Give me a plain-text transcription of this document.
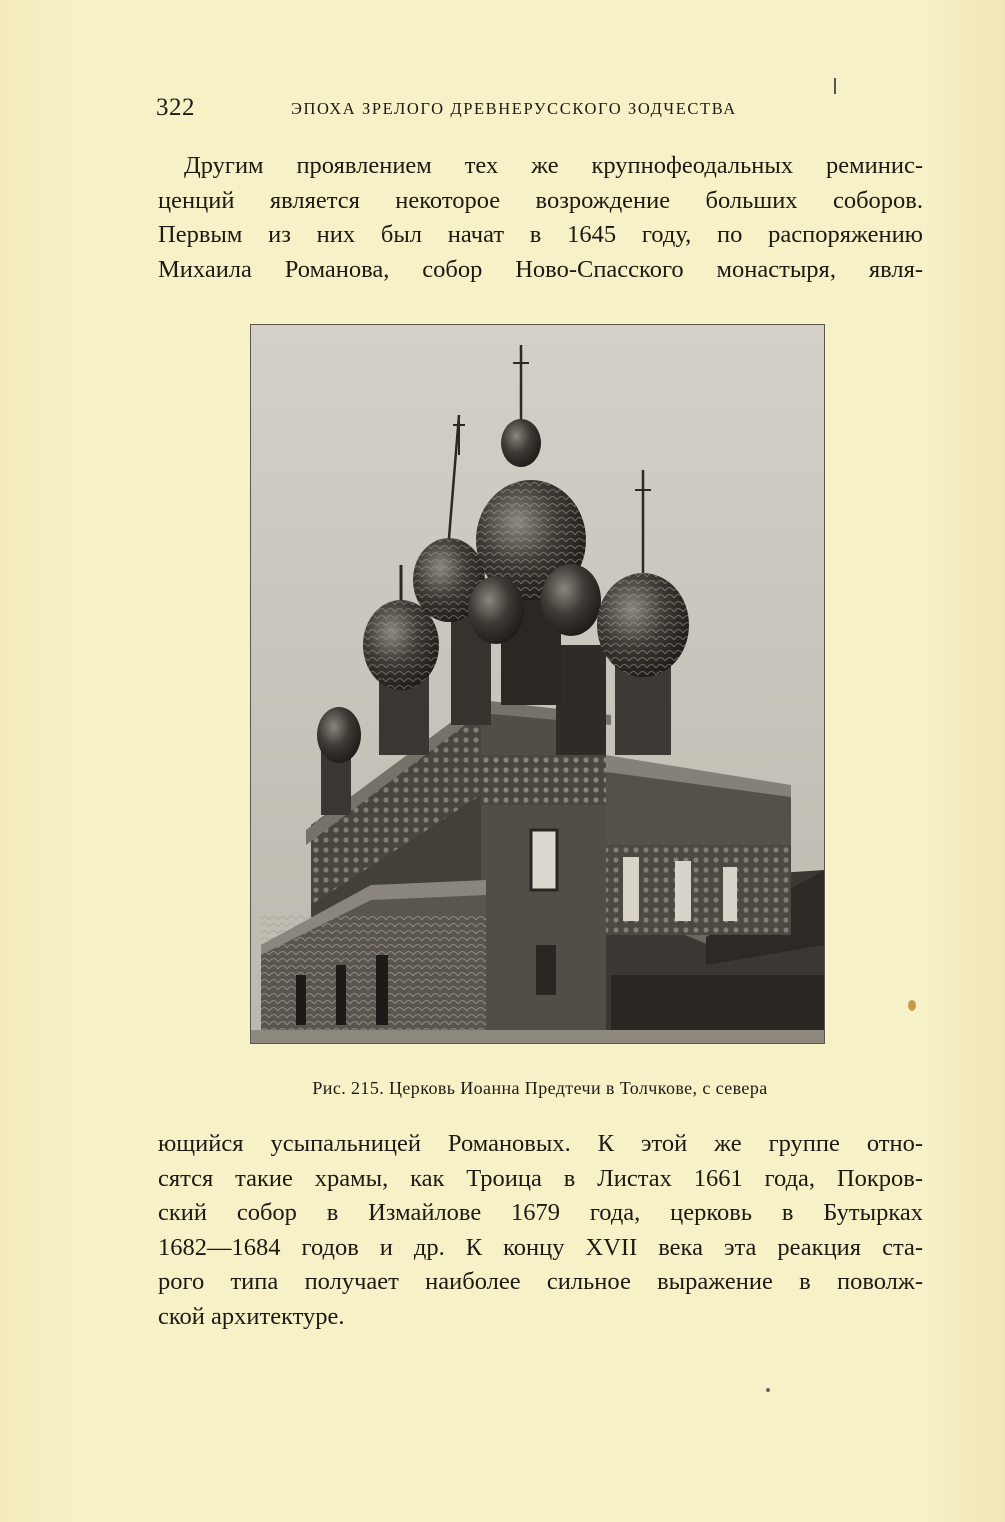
322	ЭПОХА ЗРЕЛОГО ДРЕВНЕРУССКОГО ЗОДЧЕСТВА
Другим проявлением тех же крупнофеодальных реминис-
ценций является некоторое возрождение больших соборов.
Первым из них был начат в 1645 году, по распоряжению
Михаила Романова, собор Ново-Спасского монастыря, явля-
Рис. 215. Церковь Иоанна Предтечи в Толчкове, с севера
ющийся усыпальницей Романовых. К этой же группе отно-
сятся такие храмы, как Троица в Листах 1661 года, Покров-
ский собор в Измайлове 1679 года, церковь в Бутырках
1682—1684 годов и др. К концу XVII века эта реакция ста-
рого типа получает наиболее сильное выражение в поволж-
ской архитектуре.
